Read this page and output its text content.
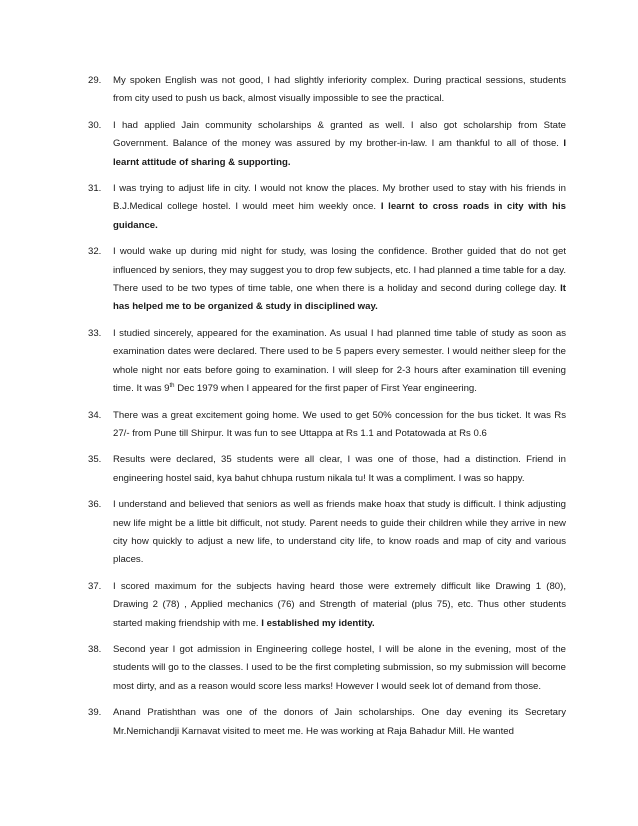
29.	My spoken English was not good, I had slightly inferiority complex. During practical sessions, students from city used to push us back, almost visually impossible to see the practical.
30.	I had applied Jain community scholarships & granted as well. I also got scholarship from State Government. Balance of the money was assured by my brother-in-law. I am thankful to all of those. I learnt attitude of sharing & supporting.
31.	I was trying to adjust life in city. I would not know the places. My brother used to stay with his friends in B.J.Medical college hostel. I would meet him weekly once. I learnt to cross roads in city with his guidance.
32.	I would wake up during mid night for study, was losing the confidence. Brother guided that do not get influenced by seniors, they may suggest you to drop few subjects, etc. I had planned a time table for a day. There used to be two types of time table, one when there is a holiday and second during college day. It has helped me to be organized & study in disciplined way.
33.	I studied sincerely, appeared for the examination. As usual I had planned time table of study as soon as examination dates were declared. There used to be 5 papers every semester. I would neither sleep for the whole night nor eats before going to examination. I will sleep for 2-3 hours after examination till evening time. It was 9th Dec 1979 when I appeared for the first paper of First Year engineering.
34.	There was a great excitement going home. We used to get 50% concession for the bus ticket. It was Rs 27/- from Pune till Shirpur. It was fun to see Uttappa at Rs 1.1 and Potatowada at Rs 0.6
35.	Results were declared, 35 students were all clear, I was one of those, had a distinction. Friend in engineering hostel said, kya bahut chhupa rustum nikala tu! It was a compliment. I was so happy.
36.	I understand and believed that seniors as well as friends make hoax that study is difficult. I think adjusting new life might be a little bit difficult, not study. Parent needs to guide their children while they arrive in new city how quickly to adjust a new life, to understand city life, to know roads and map of city and various places.
37.	I scored maximum for the subjects having heard those were extremely difficult like Drawing 1 (80), Drawing 2 (78) , Applied mechanics (76) and Strength of material (plus 75), etc. Thus other students started making friendship with me. I established my identity.
38.	Second year I got admission in Engineering college hostel, I will be alone in the evening, most of the students will go to the classes. I used to be the first completing submission, so my submission will become most dirty, and as a reason would score less marks! However I would seek lot of demand from those.
39.	Anand Pratishthan was one of the donors of Jain scholarships. One day evening its Secretary Mr.Nemichandji Karnavat visited to meet me. He was working at Raja Bahadur Mill. He wanted
